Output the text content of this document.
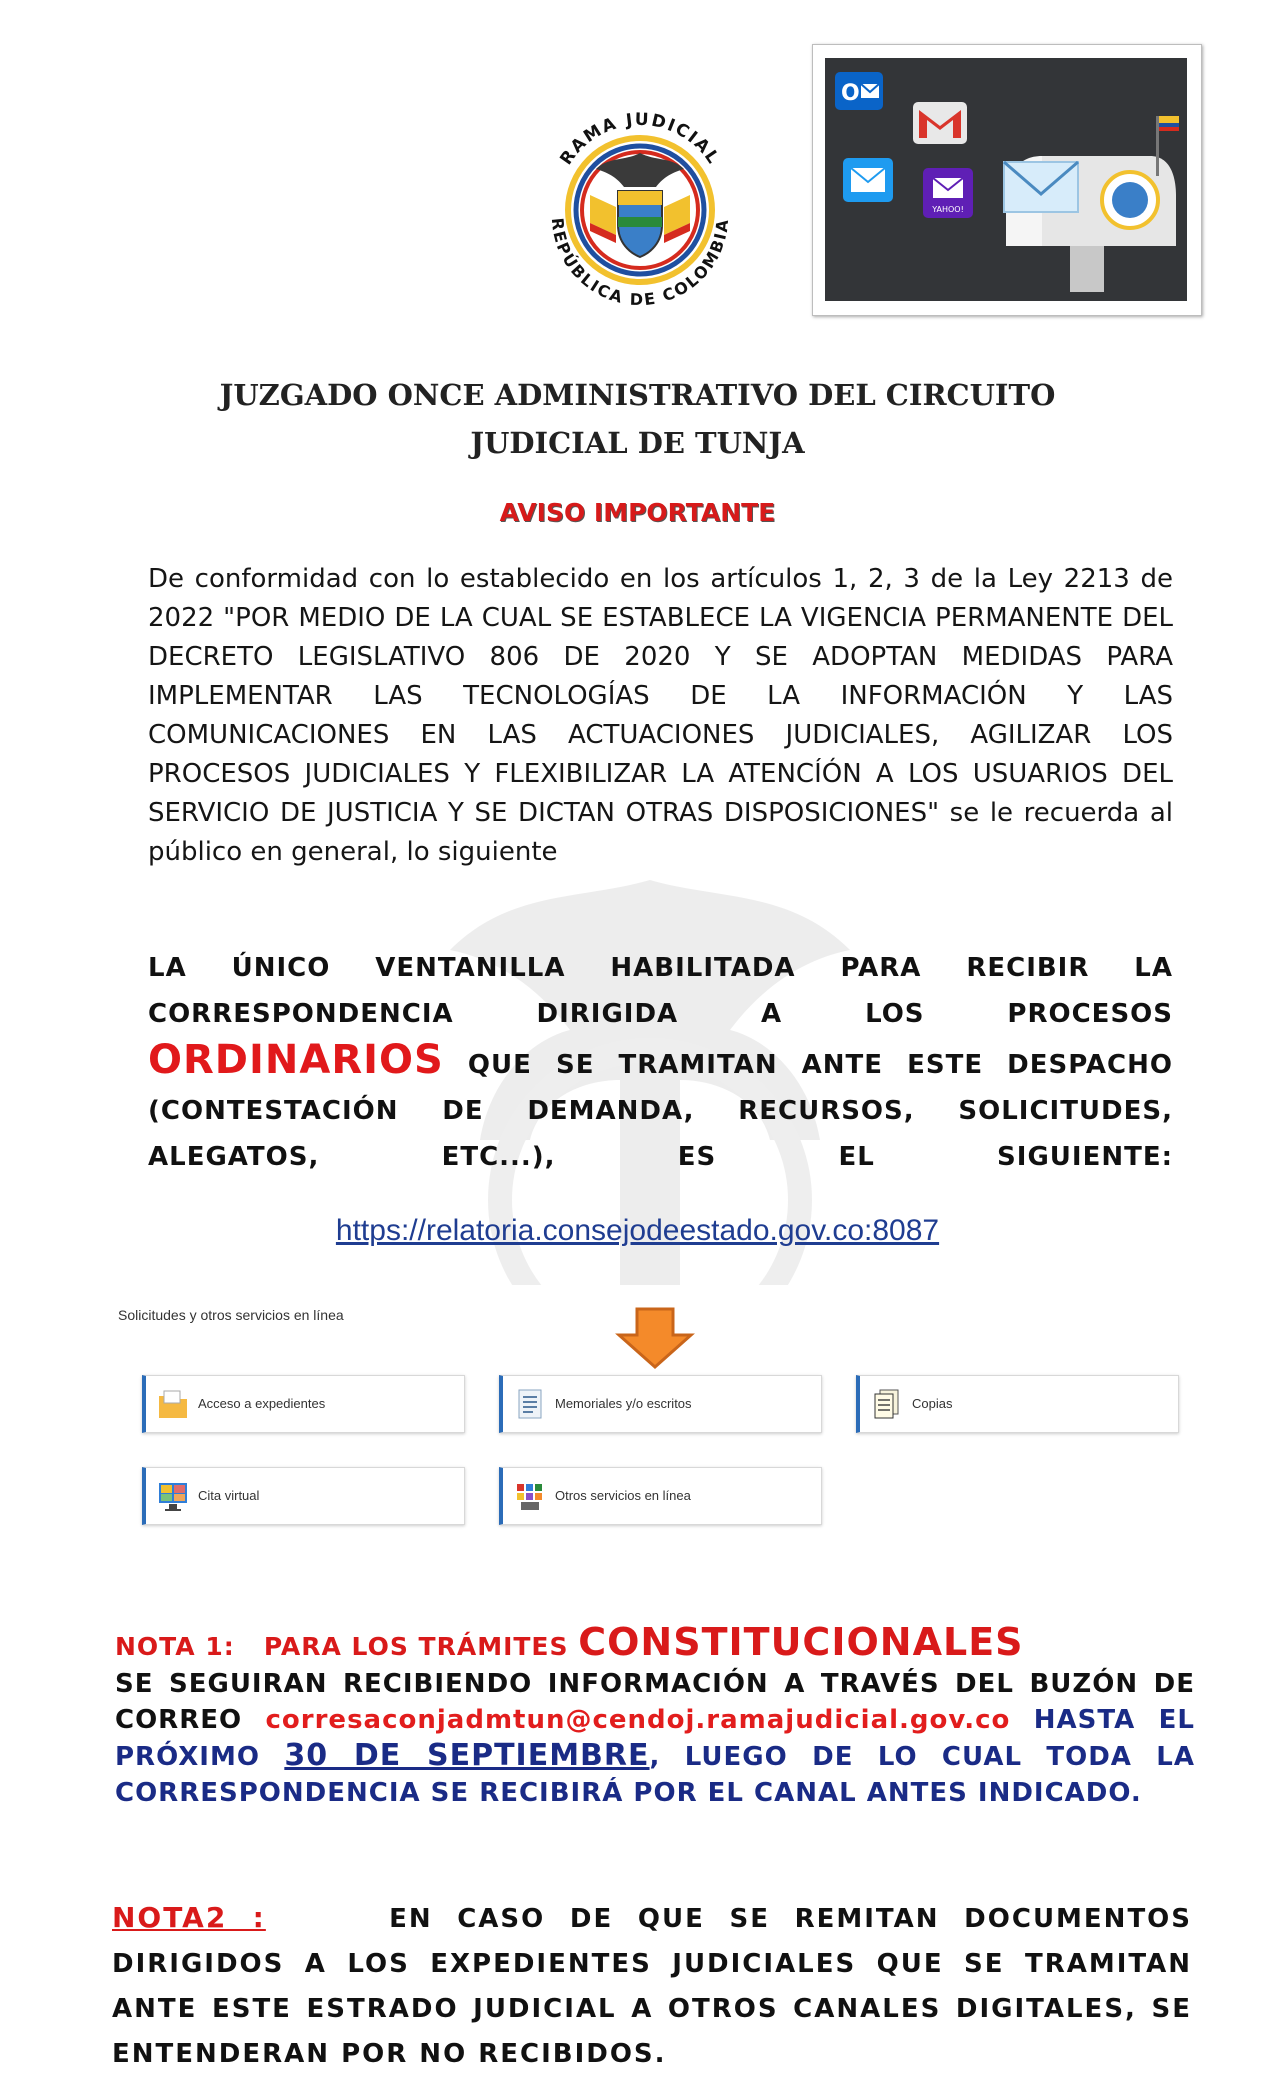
RAMA JUDICIAL
REPÚBLICA DE COLOMBIA
O
YAHOO!
JUZGADO ONCE ADMINISTRATIVO DEL CIRCUITO
JUDICIAL DE TUNJA
AVISO IMPORTANTE
De conformidad con lo establecido en los artículos 1, 2, 3 de la Ley 2213 de 2022 "POR MEDIO DE LA CUAL SE ESTABLECE LA VIGENCIA PERMANENTE DEL DECRETO LEGISLATIVO 806 DE 2020 Y SE ADOPTAN MEDIDAS PARA IMPLEMENTAR LAS TECNOLOGÍAS DE LA INFORMACIÓN Y LAS COMUNICACIONES EN LAS ACTUACIONES JUDICIALES, AGILIZAR LOS PROCESOS JUDICIALES Y FLEXIBILIZAR LA ATENCÍÓN A LOS USUARIOS DEL SERVICIO DE JUSTICIA Y SE DICTAN OTRAS DISPOSICIONES" se le recuerda al público en general, lo siguiente
LA ÚNICO VENTANILLA HABILITADA PARA RECIBIR LA CORRESPONDENCIA DIRIGIDA A LOS PROCESOS ORDINARIOS QUE SE TRAMITAN ANTE ESTE DESPACHO (CONTESTACIÓN DE DEMANDA, RECURSOS, SOLICITUDES, ALEGATOS, ETC...), ES EL SIGUIENTE:
https://relatoria.consejodeestado.gov.co:8087
Solicitudes y otros servicios en línea
Acceso a expedientes	Memoriales y/o escritos	Copias
Cita virtual	Otros servicios en línea
NOTA 1: PARA LOS TRÁMITES CONSTITUCIONALES
SE SEGUIRAN RECIBIENDO INFORMACIÓN A TRAVÉS DEL BUZÓN DE CORREO corresaconjadmtun@cendoj.ramajudicial.gov.co HASTA EL PRÓXIMO 30 DE SEPTIEMBRE, LUEGO DE LO CUAL TODA LA CORRESPONDENCIA SE RECIBIRÁ POR EL CANAL ANTES INDICADO.
NOTA2 :	EN CASO DE QUE SE REMITAN DOCUMENTOS DIRIGIDOS A LOS EXPEDIENTES JUDICIALES QUE SE TRAMITAN ANTE ESTE ESTRADO JUDICIAL A OTROS CANALES DIGITALES, SE ENTENDERAN POR NO RECIBIDOS.
